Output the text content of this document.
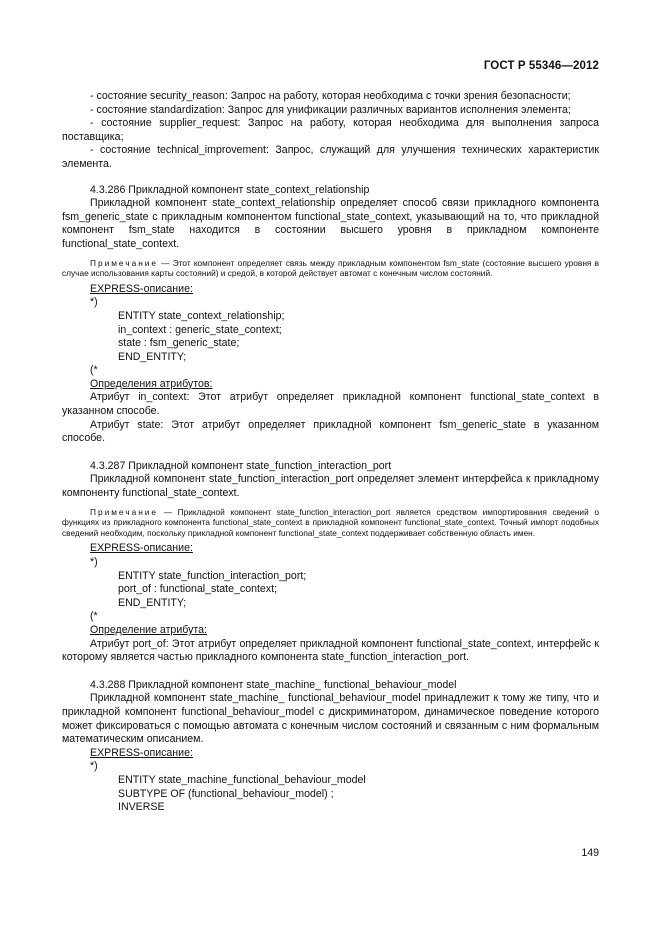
ГОСТ Р 55346—2012

- состояние security_reason: Запрос на работу, которая необходима с точки зрения безопасности;

- состояние standardization: Запрос для унификации различных вариантов исполнения элемента;

- состояние supplier_request: Запрос на работу, которая необходима для выполнения запроса поставщика;

- состояние technical_improvement: Запрос, служащий для улучшения технических характеристик элемента.

4.3.286 Прикладной компонент state_context_relationship

Прикладной компонент state_context_relationship определяет способ связи прикладного компонента fsm_generic_state с прикладным компонентом functional_state_context, указывающий на то, что прикладной компонент fsm_state находится в состоянии высшего уровня в прикладном компоненте functional_state_context.

Примечание — Этот компонент определяет связь между прикладным компонентом fsm_state (состояние высшего уровня в случае использования карты состояний) и средой, в которой действует автомат с конечным числом состояний.

EXPRESS-описание:

*)

ENTITY state_context_relationship;

in_context : generic_state_context;

state : fsm_generic_state;

END_ENTITY;

(*

Определения атрибутов:

Атрибут in_context: Этот атрибут определяет прикладной компонент functional_state_context в указанном способе.

Атрибут state: Этот атрибут определяет прикладной компонент fsm_generic_state в указанном способе.

4.3.287 Прикладной компонент state_function_interaction_port

Прикладной компонент state_function_interaction_port определяет элемент интерфейса к прикладному компоненту functional_state_context.

Примечание — Прикладной компонент state_function_interaction_port является средством импортирования сведений о функциях из прикладного компонента functional_state_context в прикладной компонент functional_state_context. Точный импорт подобных сведений необходим, поскольку прикладной компонент functional_state_context поддерживает собственную область имен.

EXPRESS-описание:

*)

ENTITY state_function_interaction_port;

port_of : functional_state_context;

END_ENTITY;

(*

Определение атрибута:

Атрибут port_of: Этот атрибут определяет прикладной компонент functional_state_context, интерфейс к которому является частью прикладного компонента state_function_interaction_port.

4.3.288 Прикладной компонент state_machine_ functional_behaviour_model

Прикладной компонент state_machine_ functional_behaviour_model принадлежит к тому же типу, что и прикладной компонент functional_behaviour_model с дискриминатором, динамическое поведение которого может фиксироваться с помощью автомата с конечным числом состояний и связанным с ним формальным математическим описанием.

EXPRESS-описание:

*)

ENTITY state_machine_functional_behaviour_model

SUBTYPE OF (functional_behaviour_model) ;

INVERSE

149
